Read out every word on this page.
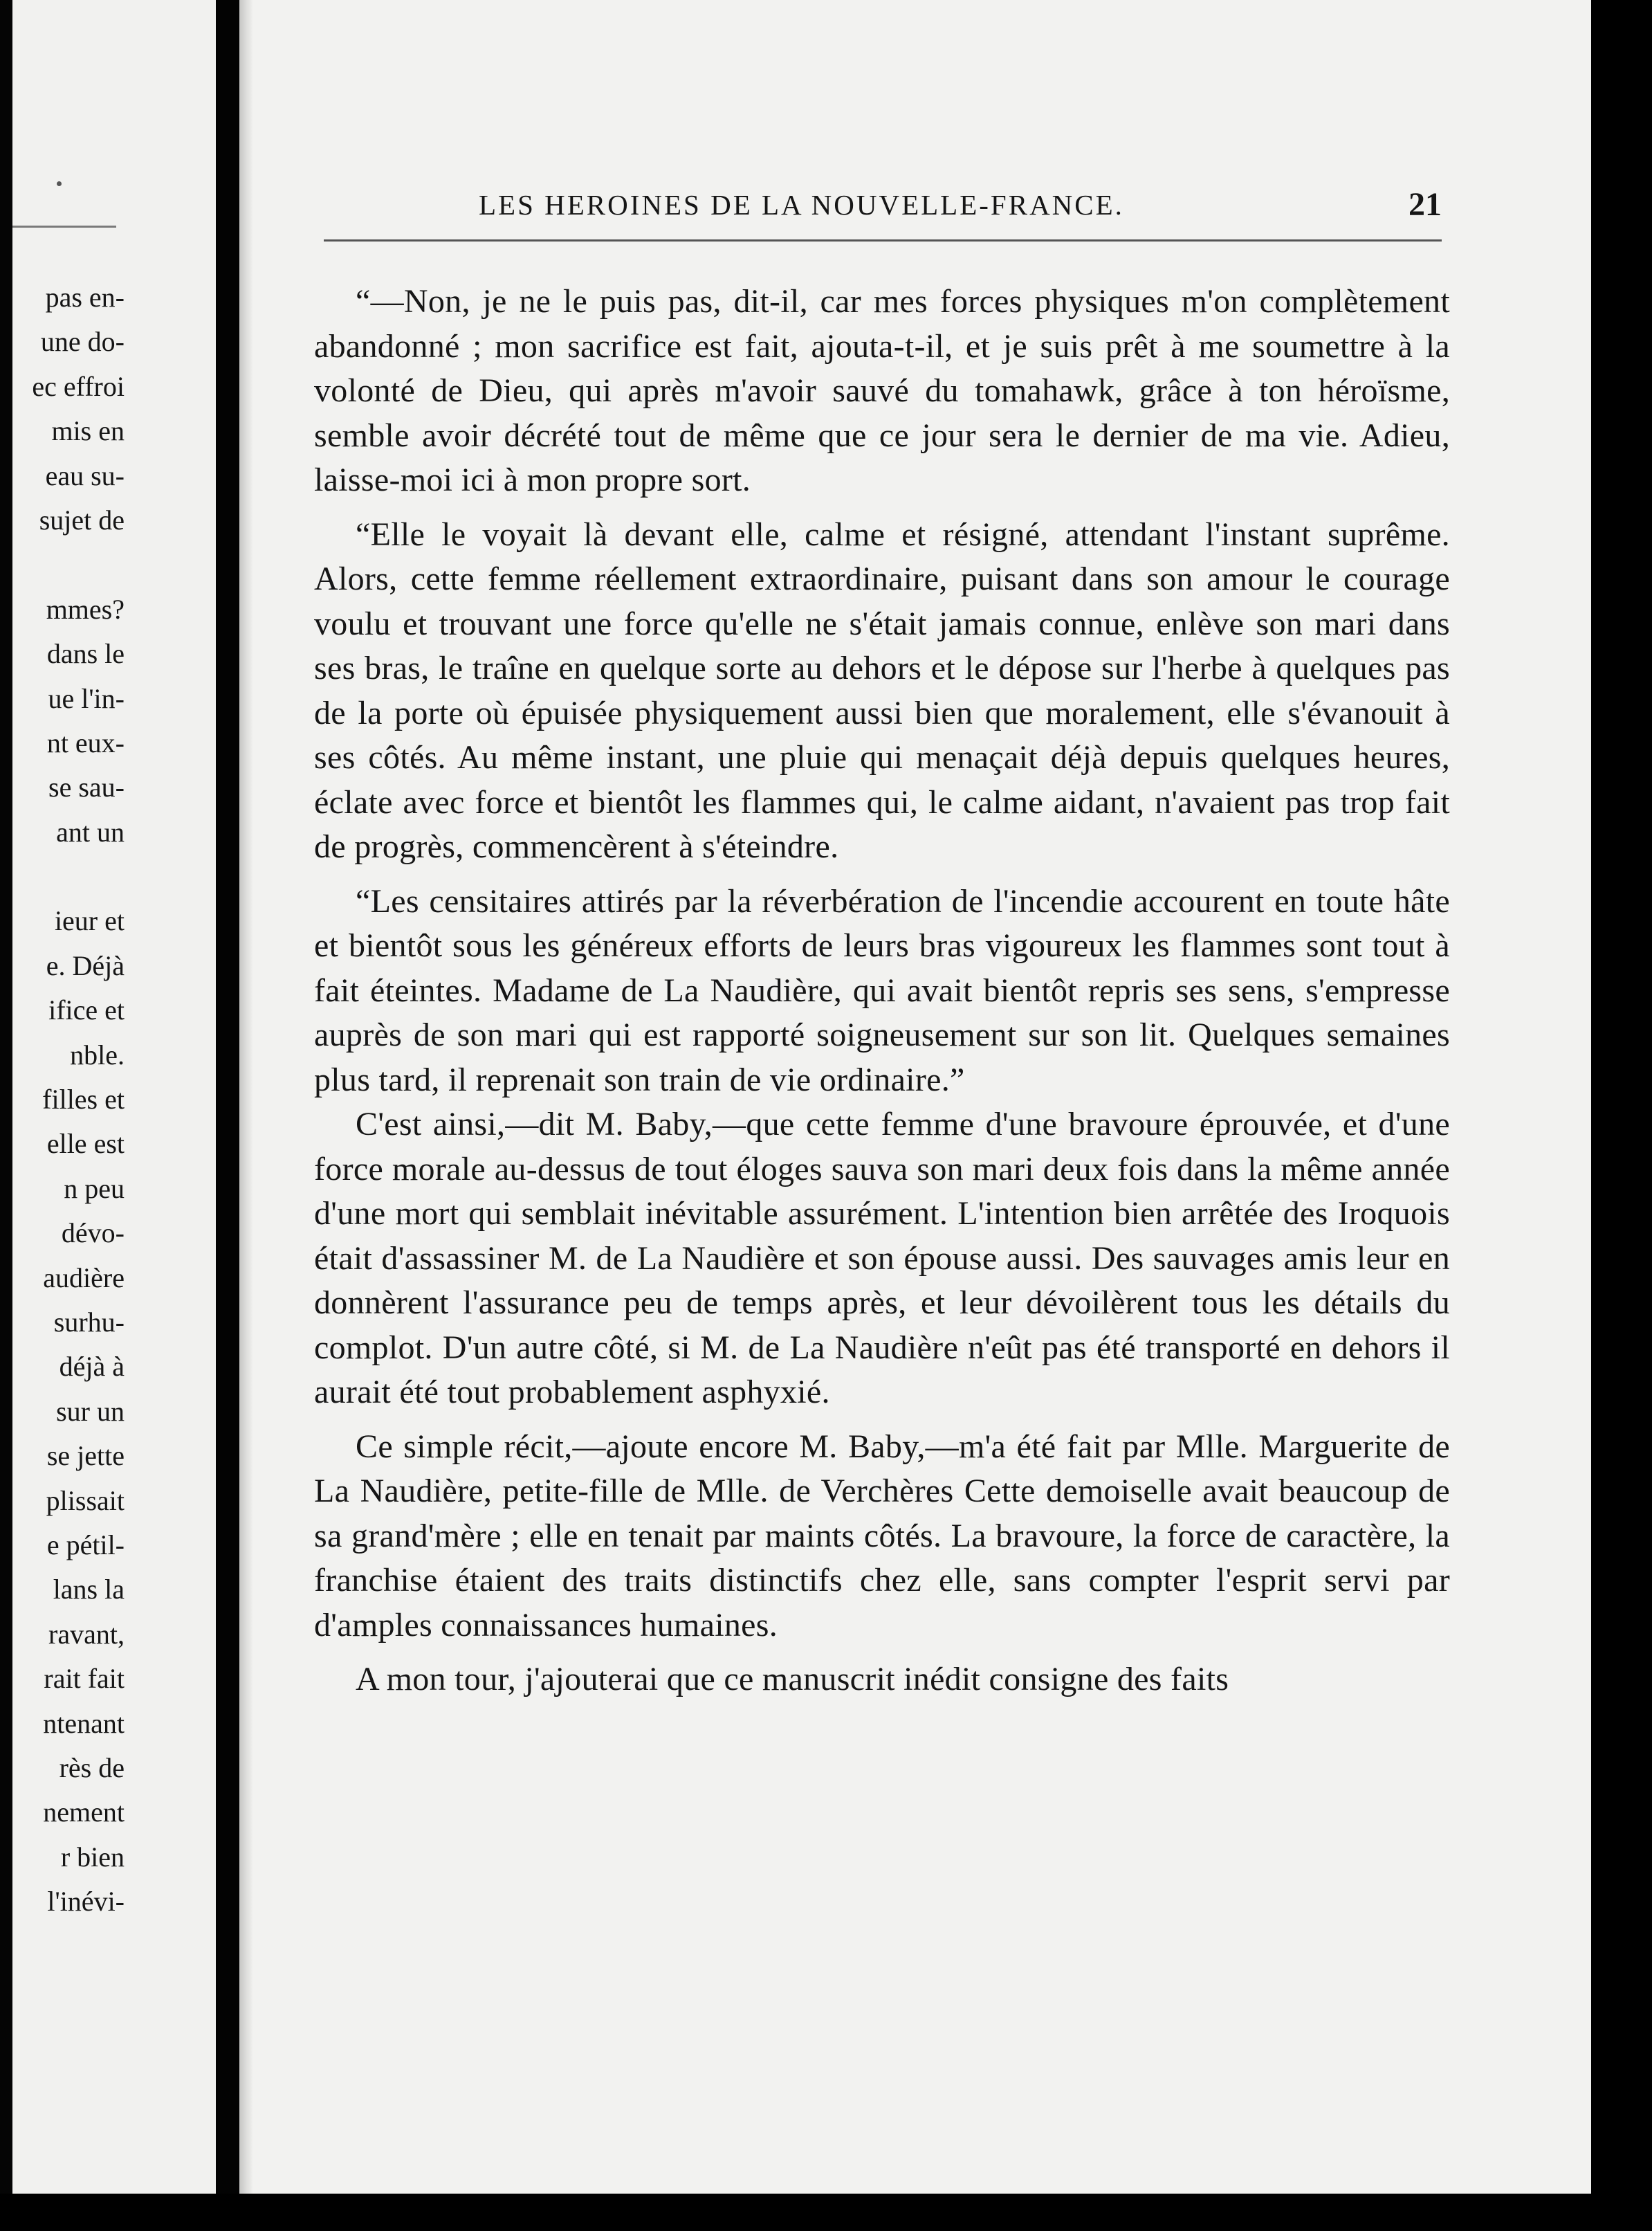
pas en-
une do-
ec effroi
mis en
eau su-
sujet de
mmes?
dans le
ue l'in-
nt eux-
se sau-
ant un
ieur et
e. Déjà
ifice et
nble.
filles et
elle est
n peu
dévo-
audière
surhu-
déjà à
sur un
se jette
plissait
e pétil-
lans la
ravant,
rait fait
ntenant
rès de
nement
r bien
l'inévi-
LES HEROINES DE LA NOUVELLE-FRANCE.	21

“—Non, je ne le puis pas, dit-il, car mes forces physiques m'on complètement abandonné ; mon sacrifice est fait, ajouta-t-il, et je suis prêt à me soumettre à la volonté de Dieu, qui après m'avoir sauvé du tomahawk, grâce à ton héroïsme, semble avoir décrété tout de même que ce jour sera le dernier de ma vie. Adieu, laisse-moi ici à mon propre sort.

“Elle le voyait là devant elle, calme et résigné, attendant l'instant suprême. Alors, cette femme réellement extraordinaire, puisant dans son amour le courage voulu et trouvant une force qu'elle ne s'était jamais connue, enlève son mari dans ses bras, le traîne en quelque sorte au dehors et le dépose sur l'herbe à quelques pas de la porte où épuisée physiquement aussi bien que moralement, elle s'évanouit à ses côtés. Au même instant, une pluie qui menaçait déjà depuis quelques heures, éclate avec force et bientôt les flammes qui, le calme aidant, n'avaient pas trop fait de progrès, commencèrent à s'éteindre.

“Les censitaires attirés par la réverbération de l'incendie accourent en toute hâte et bientôt sous les généreux efforts de leurs bras vigoureux les flammes sont tout à fait éteintes. Madame de La Naudière, qui avait bientôt repris ses sens, s'empresse auprès de son mari qui est rapporté soigneusement sur son lit. Quelques semaines plus tard, il reprenait son train de vie ordinaire.”

C'est ainsi,—dit M. Baby,—que cette femme d'une bravoure éprouvée, et d'une force morale au-dessus de tout éloges sauva son mari deux fois dans la même année d'une mort qui semblait inévitable assurément. L'intention bien arrêtée des Iroquois était d'assassiner M. de La Naudière et son épouse aussi. Des sauvages amis leur en donnèrent l'assurance peu de temps après, et leur dévoilèrent tous les détails du complot. D'un autre côté, si M. de La Naudière n'eût pas été transporté en dehors il aurait été tout probablement asphyxié.

Ce simple récit,—ajoute encore M. Baby,—m'a été fait par Mlle. Marguerite de La Naudière, petite-fille de Mlle. de Verchères Cette demoiselle avait beaucoup de sa grand'mère ; elle en tenait par maints côtés. La bravoure, la force de caractère, la franchise étaient des traits distinctifs chez elle, sans compter l'esprit servi par d'amples connaissances humaines.

A mon tour, j'ajouterai que ce manuscrit inédit consigne des faits
